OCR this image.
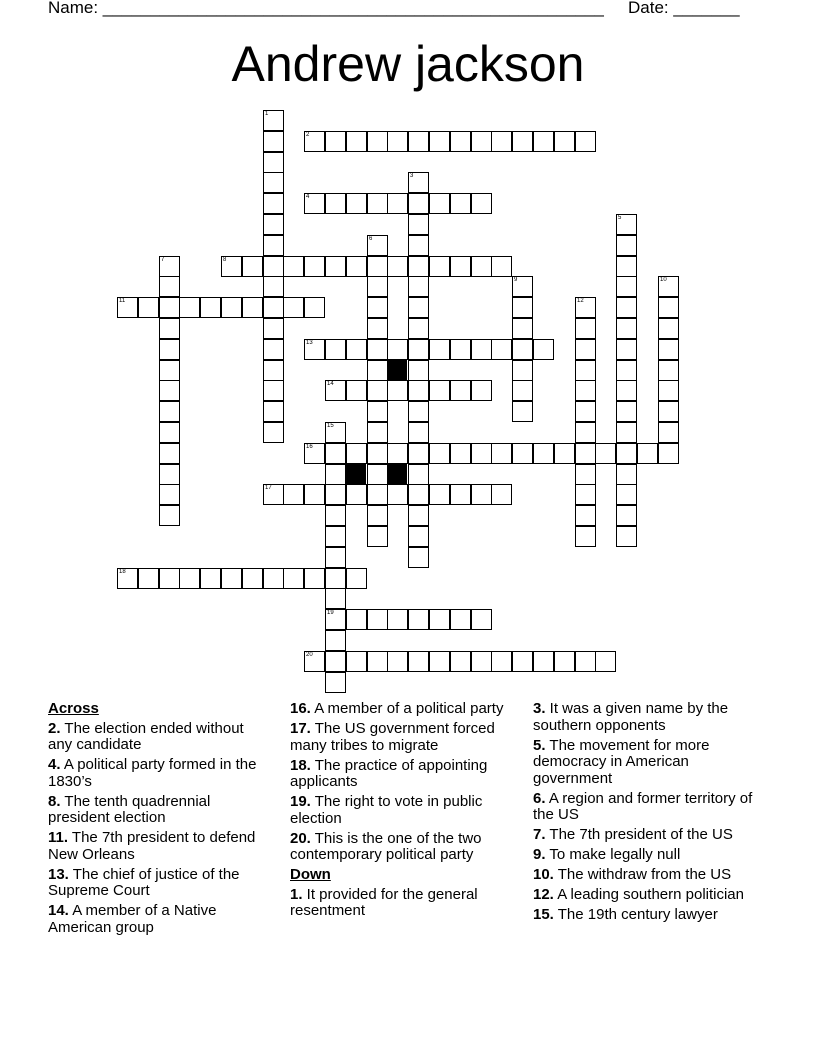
Name: _____________________________________________________ Date: _______
Andrew jackson
2
4
8
11
13
14
16
17
18
19
20
1
3
5
6
7
9	10
12
15
Across
2. The election ended without any candidate
4. A political party formed in the 1830’s
8. The tenth quadrennial president election
11. The 7th president to defend New Orleans
13. The chief of justice of the Supreme Court
14. A member of a Native American group
16. A member of a political party
17. The US government forced many tribes to migrate
18. The practice of appointing applicants
19. The right to vote in public election
20. This is the one of the two contemporary political party
Down
1. It provided for the general resentment
3. It was a given name by the southern opponents
5. The movement for more democracy in American government
6. A region and former territory of the US
7. The 7th president of the US
9. To make legally null
10. The withdraw from the US
12. A leading southern politician
15. The 19th century lawyer
